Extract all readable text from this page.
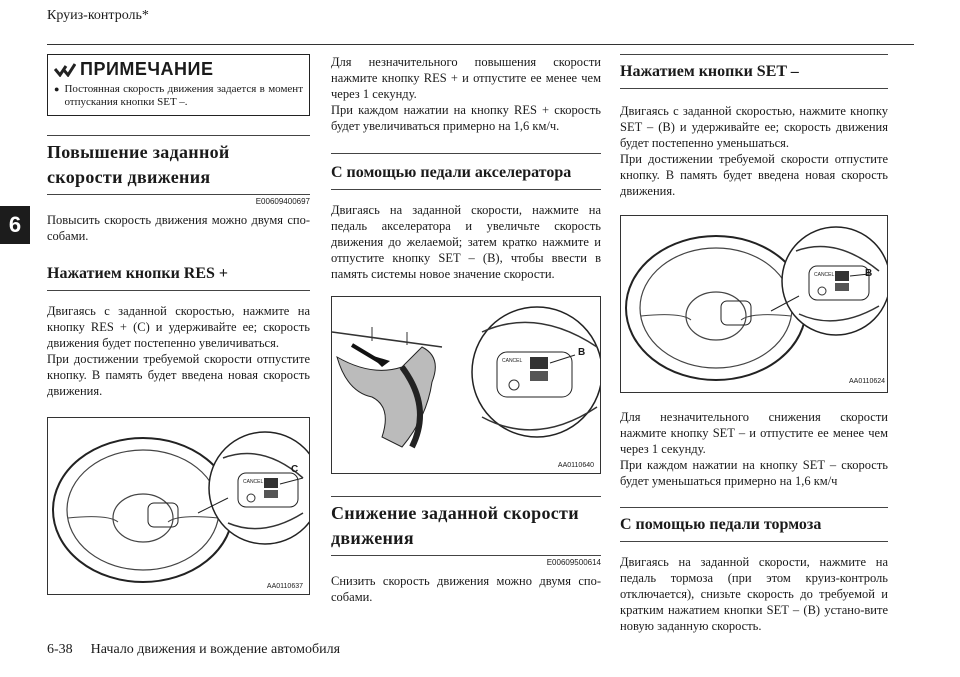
Круиз-контроль*
6
ПРИМЕЧАНИЕ
● Постоянная скорость движения задается в момент отпускания кнопки SET –.
Повышение заданной скорости движения
E00609400697

Повысить скорость движения можно двумя спо-собами.

Нажатием кнопки RES +

Двигаясь с заданной скоростью, нажмите на кнопку RES + (C) и удерживайте ее; скорость движения будет постепенно увеличиваться.

При достижении требуемой скорости отпустите кнопку. В память будет введена новая скорость движения.

C
CANCEL
AA0110637

Для незначительного повышения скорости нажмите кнопку RES + и отпустите ее менее чем через 1 секунду.

При каждом нажатии на кнопку RES + скорость будет увеличиваться примерно на 1,6 км/ч.

С помощью педали акселератора

Двигаясь на заданной скорости, нажмите на педаль акселератора и увеличьте скорость движения до желаемой; затем кратко нажмите и отпустите кнопку SET – (B), чтобы ввести в память системы новое значение скорости.

B
CANCEL
AA0110640
Снижение заданной скорости движения
E00609500614

Снизить скорость движения можно двумя спо-собами.

Нажатием кнопки SET –

Двигаясь с заданной скоростью, нажмите кнопку SET – (B) и удерживайте ее; скорость движения будет постепенно уменьшаться.

При достижении требуемой скорости отпустите кнопку. В память будет введена новая скорость движения.

B
CANCEL
AA0110624

Для незначительного снижения скорости нажмите кнопку SET – и отпустите ее менее чем через 1 секунду.

При каждом нажатии на кнопку SET – скорость будет уменьшаться примерно на 1,6 км/ч

С помощью педали тормоза

Двигаясь на заданной скорости, нажмите на педаль тормоза (при этом круиз-контроль отключается), снизьте скорость до требуемой и кратким нажатием кнопки SET – (B) устано-вите новую заданную скорость.

6-38 Начало движения и вождение автомобиля
